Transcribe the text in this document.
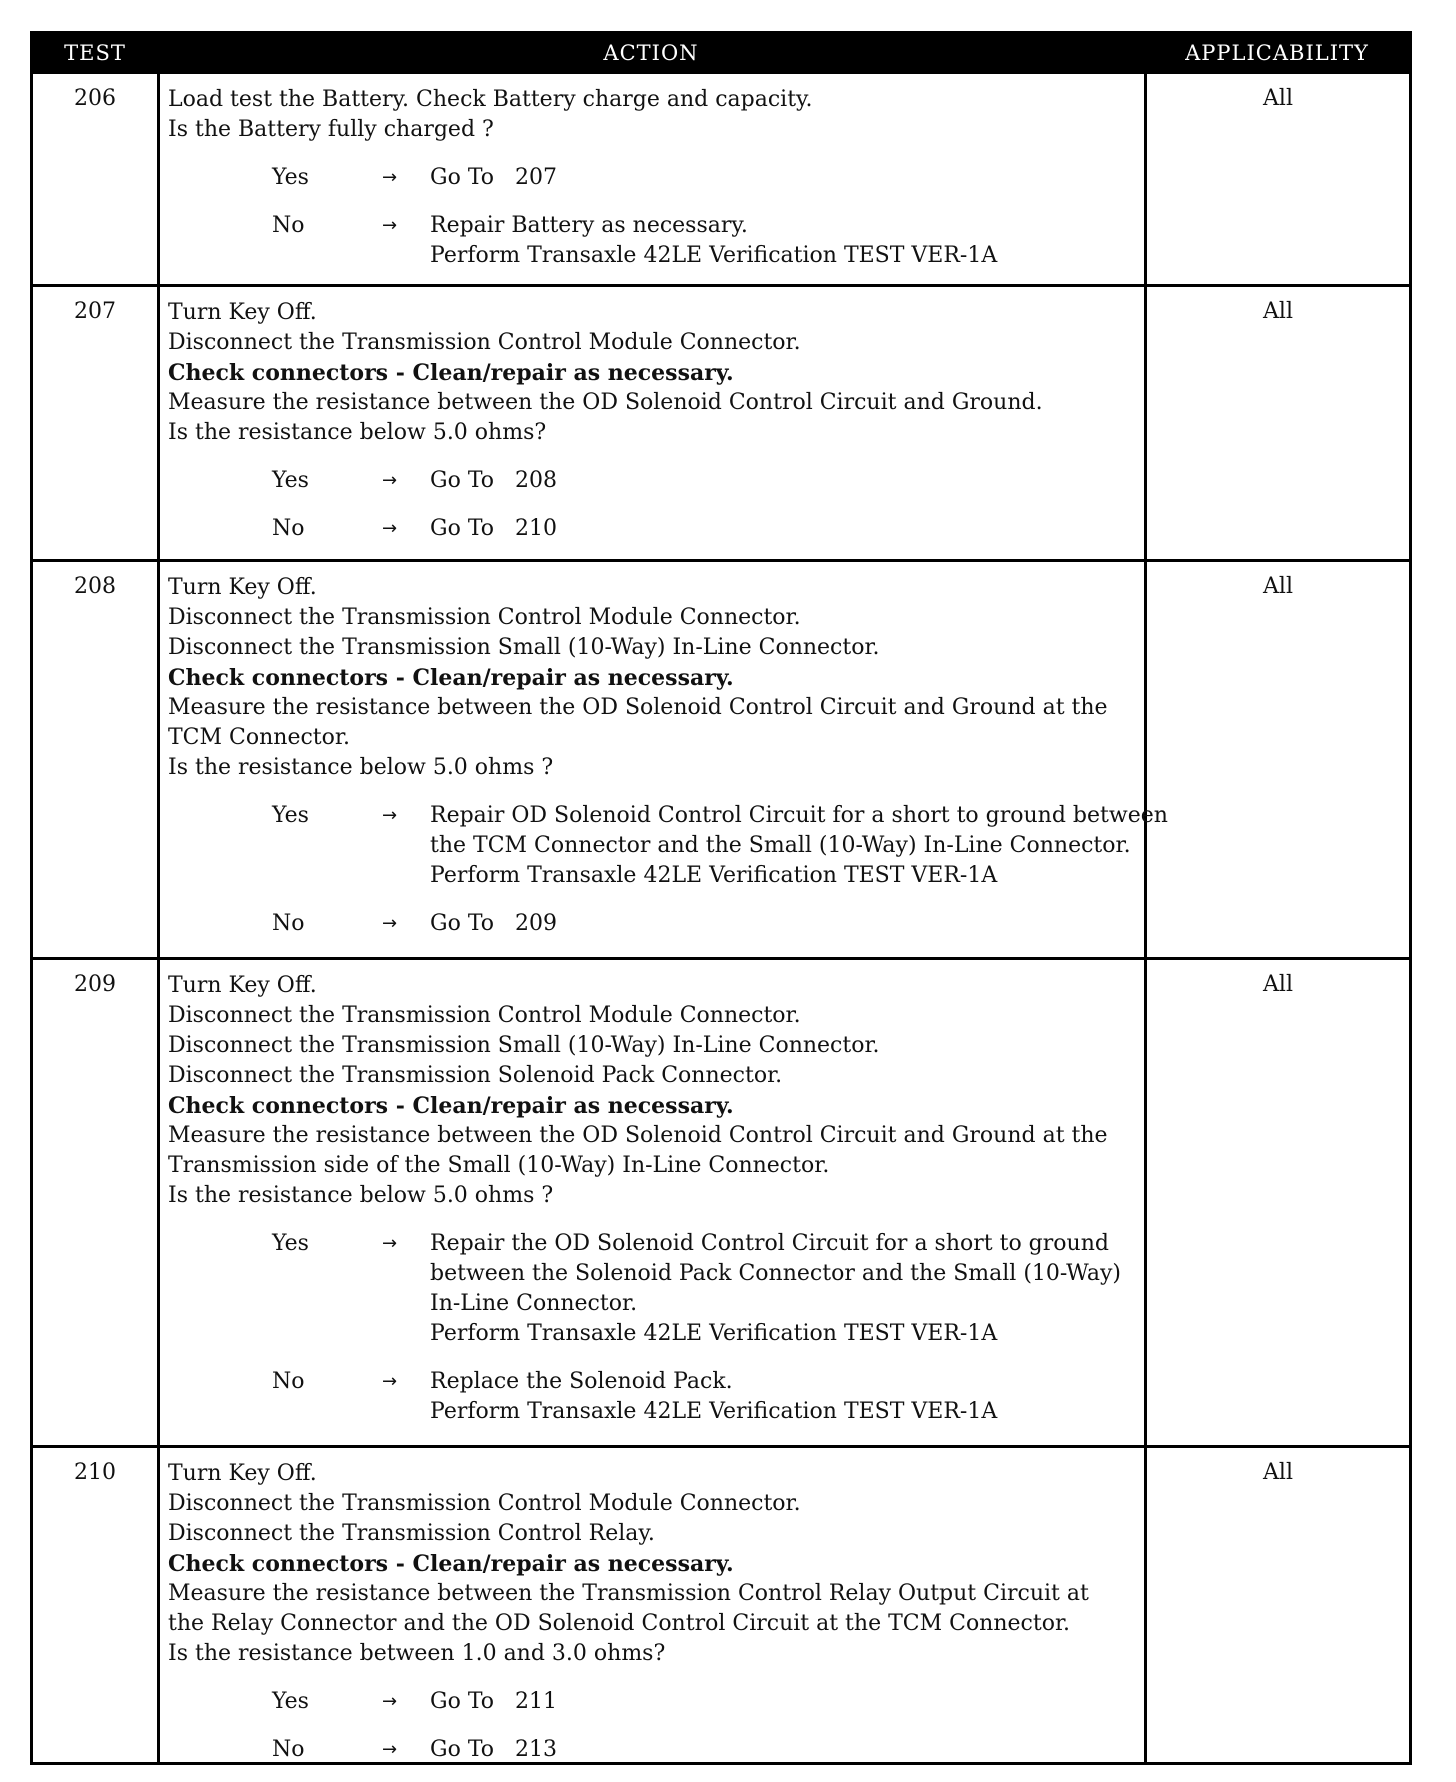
TEST	ACTION	APPLICABILITY
206	Load test the Battery. Check Battery charge and capacity.
Is the Battery fully charged ?
Yes	→	Go To   207
No	→	Repair Battery as necessary.
Perform Transaxle 42LE Verification TEST VER-1A
All
207	Turn Key Off.
Disconnect the Transmission Control Module Connector.
Check connectors - Clean/repair as necessary.
Measure the resistance between the OD Solenoid Control Circuit and Ground.
Is the resistance below 5.0 ohms?
Yes	→	Go To   208
No	→	Go To   210
All
208	Turn Key Off.
Disconnect the Transmission Control Module Connector.
Disconnect the Transmission Small (10-Way) In-Line Connector.
Check connectors - Clean/repair as necessary.
Measure the resistance between the OD Solenoid Control Circuit and Ground at the
TCM Connector.
Is the resistance below 5.0 ohms ?
Yes	→	Repair OD Solenoid Control Circuit for a short to ground between
the TCM Connector and the Small (10-Way) In-Line Connector.
Perform Transaxle 42LE Verification TEST VER-1A
No	→	Go To   209
All
209	Turn Key Off.
Disconnect the Transmission Control Module Connector.
Disconnect the Transmission Small (10-Way) In-Line Connector.
Disconnect the Transmission Solenoid Pack Connector.
Check connectors - Clean/repair as necessary.
Measure the resistance between the OD Solenoid Control Circuit and Ground at the
Transmission side of the Small (10-Way) In-Line Connector.
Is the resistance below 5.0 ohms ?
Yes	→	Repair the OD Solenoid Control Circuit for a short to ground
between the Solenoid Pack Connector and the Small (10-Way)
In-Line Connector.
Perform Transaxle 42LE Verification TEST VER-1A
No	→	Replace the Solenoid Pack.
Perform Transaxle 42LE Verification TEST VER-1A
All
210	Turn Key Off.
Disconnect the Transmission Control Module Connector.
Disconnect the Transmission Control Relay.
Check connectors - Clean/repair as necessary.
Measure the resistance between the Transmission Control Relay Output Circuit at
the Relay Connector and the OD Solenoid Control Circuit at the TCM Connector.
Is the resistance between 1.0 and 3.0 ohms?
Yes	→	Go To   211
No	→	Go To   213
All
